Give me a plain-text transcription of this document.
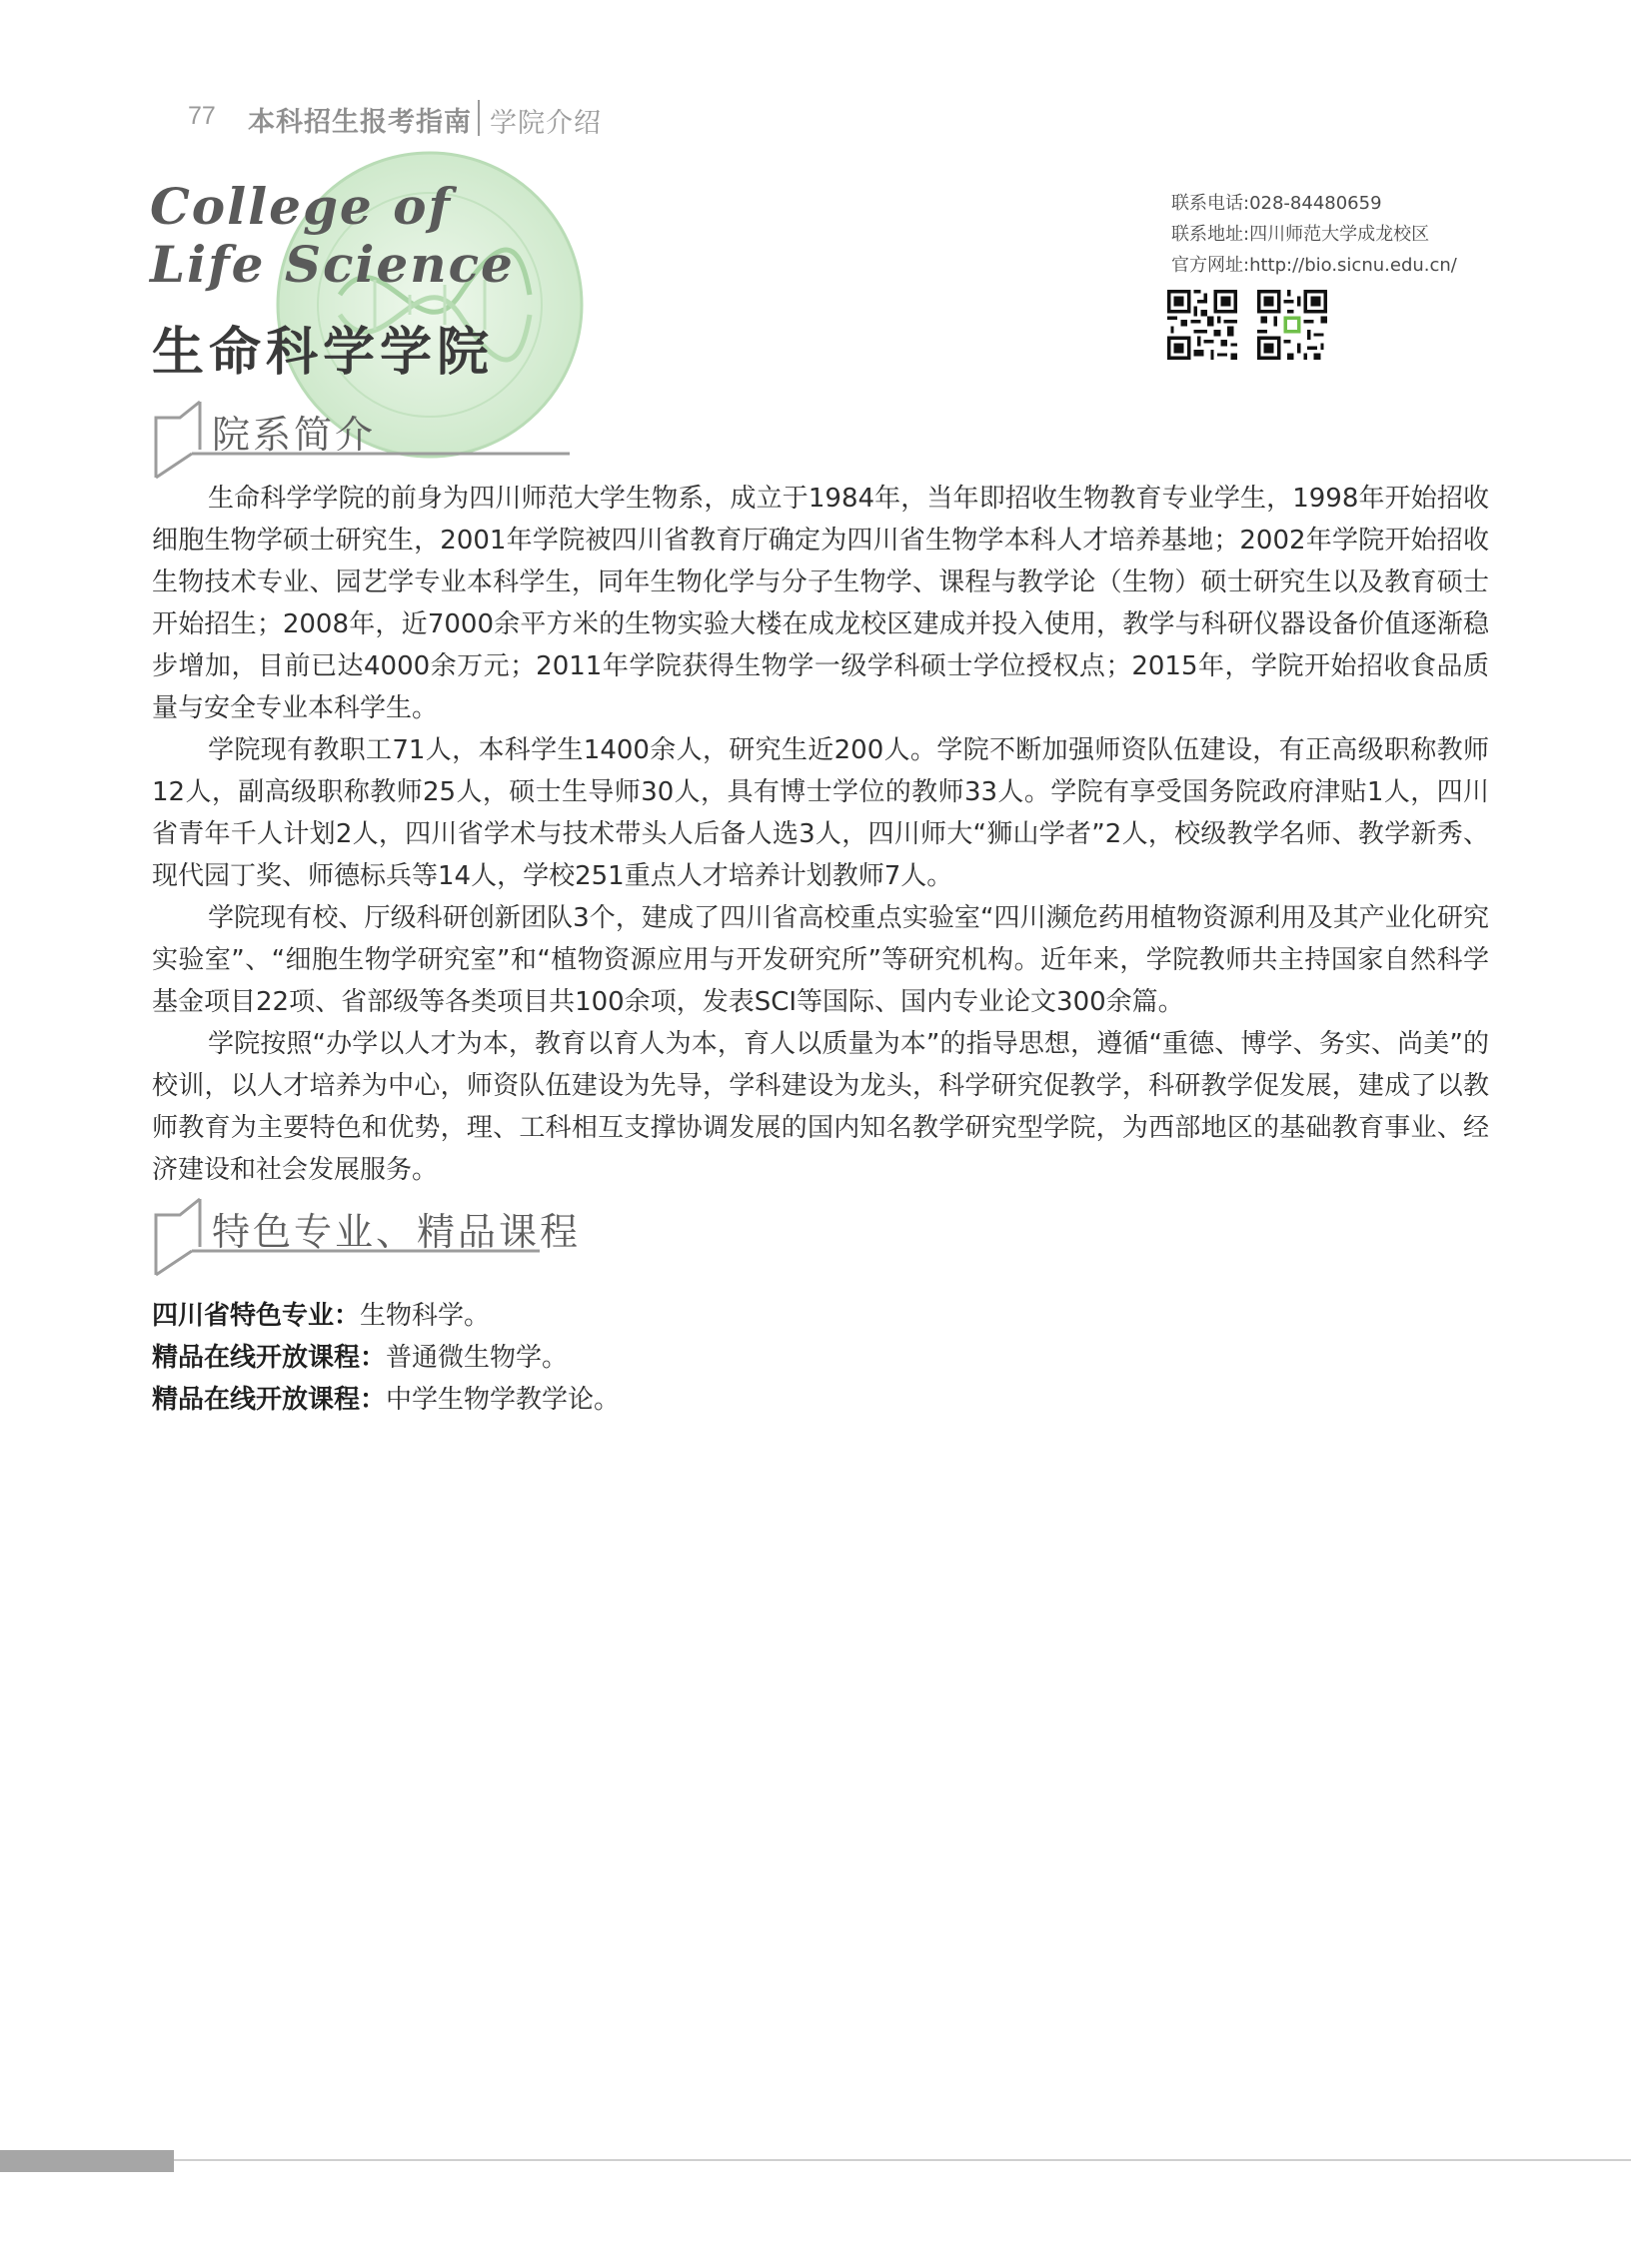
77 本科招生报考指南 学院介绍
College of
Life Science
生命科学学院
联系电话:028-84480659
联系地址:四川师范大学成龙校区
官方网址:http://bio.sicnu.edu.cn/
院系简介

生命科学学院的前身为四川师范大学生物系，成立于1984年，当年即招收生物教育专业学生，1998年开始招收细胞生物学硕士研究生，2001年学院被四川省教育厅确定为四川省生物学本科人才培养基地；2002年学院开始招收生物技术专业、园艺学专业本科学生，同年生物化学与分子生物学、课程与教学论（生物）硕士研究生以及教育硕士开始招生；2008年，近7000余平方米的生物实验大楼在成龙校区建成并投入使用，教学与科研仪器设备价值逐渐稳步增加，目前已达4000余万元；2011年学院获得生物学一级学科硕士学位授权点；2015年，学院开始招收食品质量与安全专业本科学生。

学院现有教职工71人，本科学生1400余人，研究生近200人。学院不断加强师资队伍建设，有正高级职称教师12人，副高级职称教师25人，硕士生导师30人，具有博士学位的教师33人。学院有享受国务院政府津贴1人，四川省青年千人计划2人，四川省学术与技术带头人后备人选3人，四川师大“狮山学者”2人，校级教学名师、教学新秀、现代园丁奖、师德标兵等14人，学校251重点人才培养计划教师7人。

学院现有校、厅级科研创新团队3个，建成了四川省高校重点实验室“四川濒危药用植物资源利用及其产业化研究实验室”、“细胞生物学研究室”和“植物资源应用与开发研究所”等研究机构。近年来，学院教师共主持国家自然科学基金项目22项、省部级等各类项目共100余项，发表SCI等国际、国内专业论文300余篇。

学院按照“办学以人才为本，教育以育人为本，育人以质量为本”的指导思想，遵循“重德、博学、务实、尚美”的校训，以人才培养为中心，师资队伍建设为先导，学科建设为龙头，科学研究促教学，科研教学促发展，建成了以教师教育为主要特色和优势，理、工科相互支撑协调发展的国内知名教学研究型学院，为西部地区的基础教育事业、经济建设和社会发展服务。

特色专业、精品课程
四川省特色专业：生物科学。
精品在线开放课程：普通微生物学。
精品在线开放课程：中学生物学教学论。
